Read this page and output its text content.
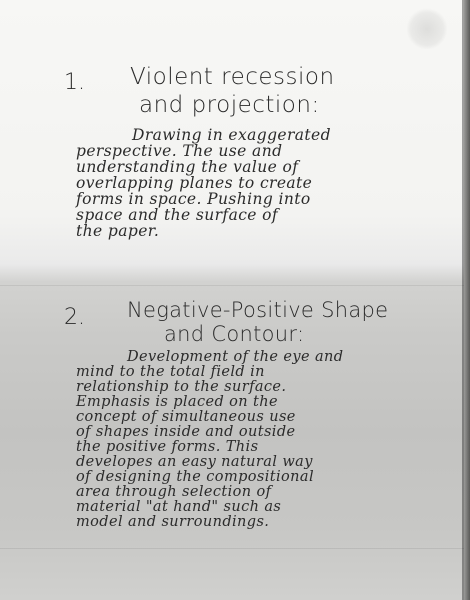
1. Violent recession
and projection:
Drawing in exaggerated
perspective. The use and
understanding the value of
overlapping planes to create
forms in space. Pushing into
space and the surface of
the paper.
2. Negative-Positive Shape
and Contour:
Development of the eye and
mind to the total field in
relationship to the surface.
Emphasis is placed on the
concept of simultaneous use
of shapes inside and outside
the positive forms. This
developes an easy natural way
of designing the compositional
area through selection of
material "at hand" such as
model and surroundings.
